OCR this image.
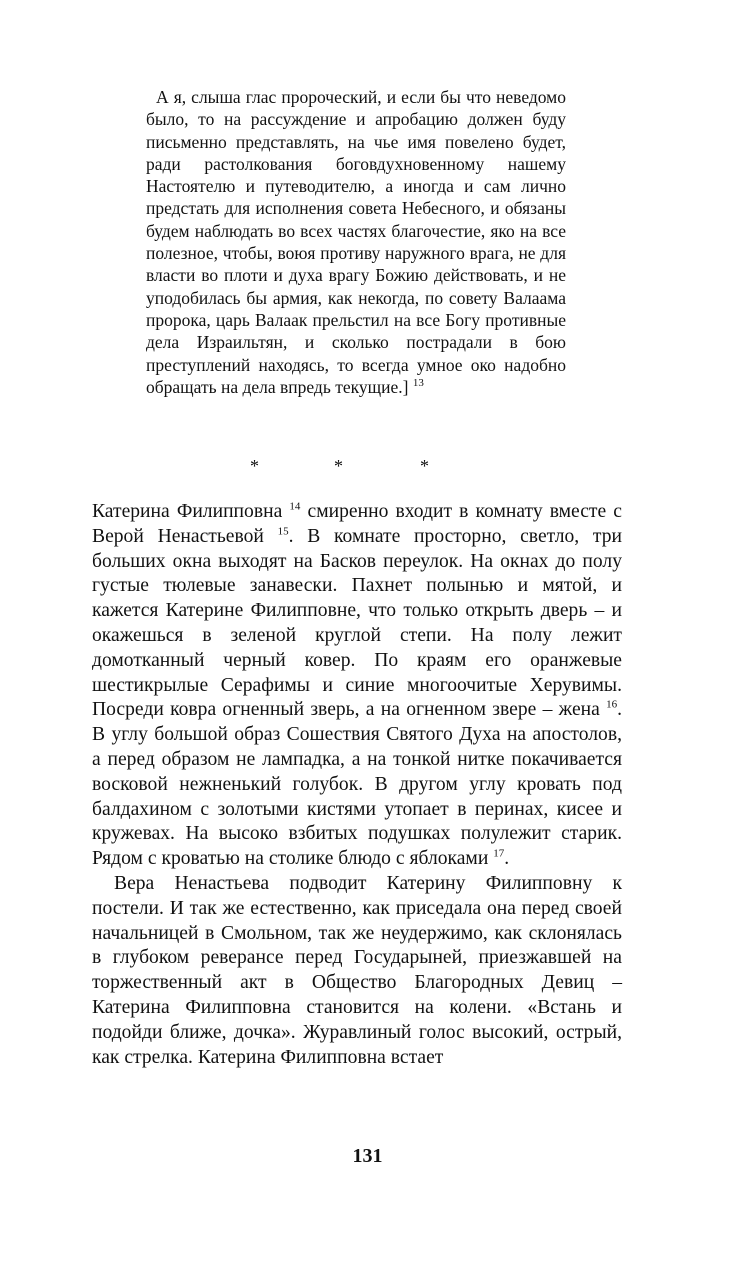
А я, слыша глас пророческий, и если бы что неведомо было, то на рассуждение и апробацию должен буду письменно представлять, на чье имя повелено будет, ради растолкования боговдухновенному нашему Настоятелю и путеводителю, а иногда и сам лично предстать для исполнения совета Небесного, и обязаны будем наблюдать во всех частях благочестие, яко на все полезное, чтобы, воюя противу наружного врага, не для власти во плоти и духа врагу Божию действовать, и не уподобилась бы армия, как некогда, по совету Валаама пророка, царь Валаак прельстил на все Богу противные дела Израильтян, и сколько пострадали в бою преступлений находясь, то всегда умное око надобно обращать на дела впредь текущие.] $^{13}$

*	*	*

Катерина Филипповна $^{14}$ смиренно входит в комнату вместе с Верой Ненастьевой $^{15}$. В комнате просторно, светло, три больших окна выходят на Басков переулок. На окнах до полу густые тюлевые занавески. Пахнет полынью и мятой, и кажется Катерине Филипповне, что только открыть дверь – и окажешься в зеленой круглой степи. На полу лежит домотканный черный ковер. По краям его оранжевые шестикрылые Серафимы и синие многоочитые Херувимы. Посреди ковра огненный зверь, а на огненном звере – жена $^{16}$. В углу большой образ Сошествия Святого Духа на апостолов, а перед образом не лампадка, а на тонкой нитке покачивается восковой нежненький голубок. В другом углу кровать под балдахином с золотыми кистями утопает в перинах, кисее и кружевах. На высоко взбитых подушках полулежит старик. Рядом с кроватью на столике блюдо с яблоками $^{17}$.

Вера Ненастьева подводит Катерину Филипповну к постели. И так же естественно, как приседала она перед своей начальницей в Смольном, так же неудержимо, как склонялась в глубоком реверансе перед Государыней, приезжавшей на торжественный акт в Общество Благородных Девиц – Катерина Филипповна становится на колени. «Встань и подойди ближе, дочка». Журавлиный голос высокий, острый, как стрелка. Катерина Филипповна встает

131
